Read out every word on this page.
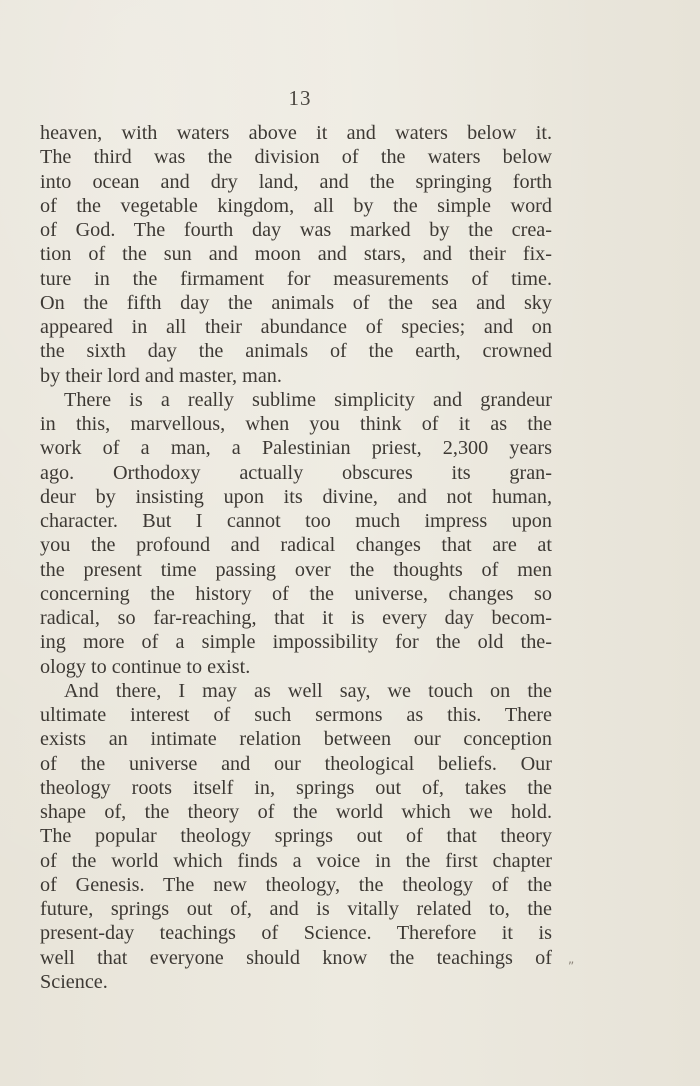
13
heaven, with waters above it and waters below it.
The third was the division of the waters below
into ocean and dry land, and the springing forth
of the vegetable kingdom, all by the simple word
of God. The fourth day was marked by the crea-
tion of the sun and moon and stars, and their fix-
ture in the firmament for measurements of time.
On the fifth day the animals of the sea and sky
appeared in all their abundance of species; and on
the sixth day the animals of the earth, crowned
by their lord and master, man.
There is a really sublime simplicity and grandeur
in this, marvellous, when you think of it as the
work of a man, a Palestinian priest, 2,300 years
ago. Orthodoxy actually obscures its gran-
deur by insisting upon its divine, and not human,
character. But I cannot too much impress upon
you the profound and radical changes that are at
the present time passing over the thoughts of men
concerning the history of the universe, changes so
radical, so far-reaching, that it is every day becom-
ing more of a simple impossibility for the old the-
ology to continue to exist.
And there, I may as well say, we touch on the
ultimate interest of such sermons as this. There
exists an intimate relation between our conception
of the universe and our theological beliefs. Our
theology roots itself in, springs out of, takes the
shape of, the theory of the world which we hold.
The popular theology springs out of that theory
of the world which finds a voice in the first chapter
of Genesis. The new theology, the theology of the
future, springs out of, and is vitally related to, the
present-day teachings of Science. Therefore it is
well that everyone should know the teachings of
Science.
„
